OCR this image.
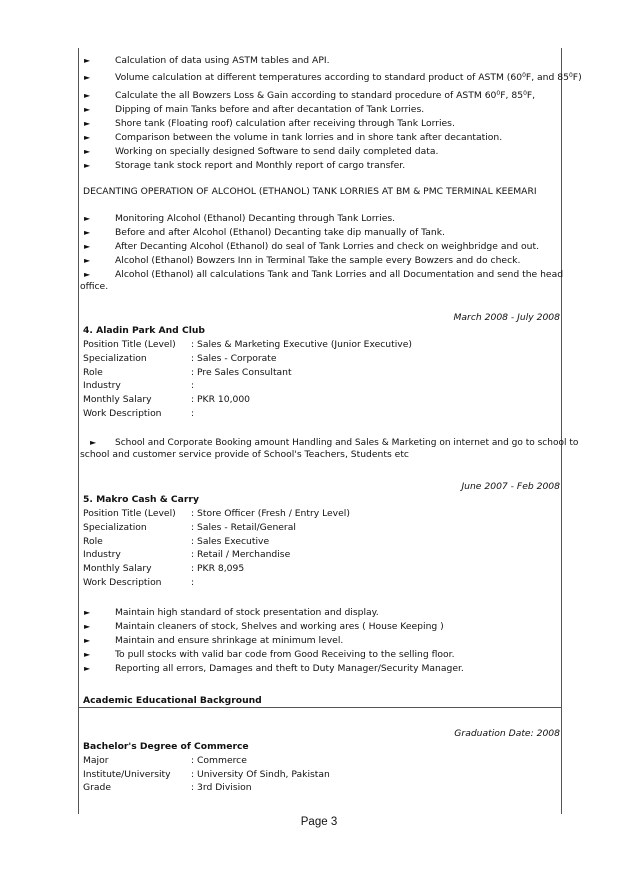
►	Calculation of data using ASTM tables and API.
►	Volume calculation at different temperatures according to standard product of ASTM ($60^0F$, and $85^0F$)
►	Calculate the all Bowzers Loss & Gain according to standard procedure of ASTM $60^0F$, $85^0F$,
►	Dipping of main Tanks before and after decantation of Tank Lorries.
►	Shore tank (Floating roof) calculation after receiving through Tank Lorries.
►	Comparison between the volume in tank lorries and in shore tank after decantation.
►	Working on specially designed Software to send daily completed data.
►	Storage tank stock report and Monthly report of cargo transfer.
DECANTING OPERATION OF ALCOHOL (ETHANOL) TANK LORRIES AT BM & PMC TERMINAL KEEMARI
►	Monitoring Alcohol (Ethanol) Decanting through Tank Lorries.
►	Before and after Alcohol (Ethanol) Decanting take dip manually of Tank.
►	After Decanting Alcohol (Ethanol) do seal of Tank Lorries and check on weighbridge and out.
►	Alcohol (Ethanol) Bowzers Inn in Terminal Take the sample every Bowzers and do check.
►	Alcohol (Ethanol) all calculations Tank and Tank Lorries and all Documentation and send the head
office.
March 2008 - July 2008
4. Aladin Park And Club
Position Title (Level) : Sales & Marketing Executive (Junior Executive)
Specialization	: Sales - Corporate
Role	: Pre Sales Consultant
Industry	:
Monthly Salary	: PKR 10,000
Work Description	:
► School and Corporate Booking amount Handling and Sales & Marketing on internet and go to school to
school and customer service provide of School's Teachers, Students etc
June 2007 - Feb 2008
5. Makro Cash & Carry
Position Title (Level) : Store Officer (Fresh / Entry Level)
Specialization	: Sales - Retail/General
Role	: Sales Executive
Industry	: Retail / Merchandise
Monthly Salary	: PKR 8,095
Work Description	:
►	Maintain high standard of stock presentation and display.
►	Maintain cleaners of stock, Shelves and working ares ( House Keeping )
►	Maintain and ensure shrinkage at minimum level.
►	To pull stocks with valid bar code from Good Receiving to the selling floor.
►	Reporting all errors, Damages and theft to Duty Manager/Security Manager.
Academic Educational Background
Graduation Date: 2008
Bachelor's Degree of Commerce
Major	: Commerce
Institute/University : University Of Sindh, Pakistan
Grade	: 3rd Division
Page 3
